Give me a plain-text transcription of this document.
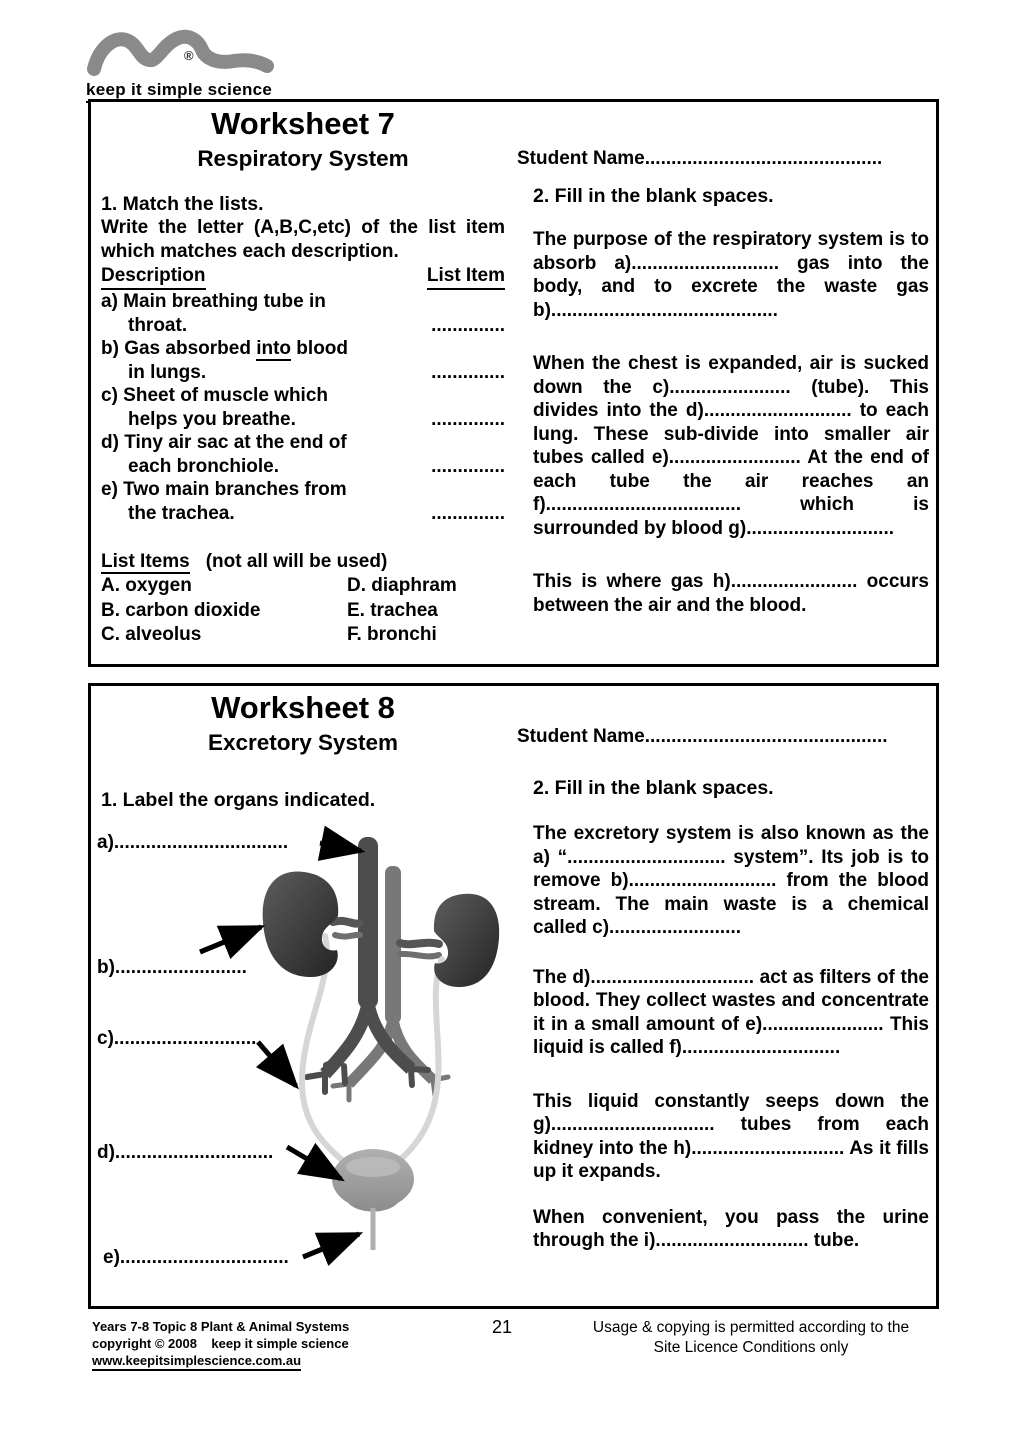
®
keep it simple science
Worksheet 7
Respiratory System
1. Match the lists.
Write the letter (A,B,C,etc) of the list item which matches each description.
Description	List Item
a) Main breathing tube in
throat.	..............
b) Gas absorbed into blood
in lungs.	..............
c) Sheet of muscle which
helps you breathe.	..............
d) Tiny air sac at the end of
each bronchiole.	..............
e) Two main branches from
the trachea.	..............
List Items (not all will be used)
A. oxygen
B. carbon dioxide
C. alveolus
D. diaphram
E. trachea
F. bronchi
Student Name.............................................
2. Fill in the blank spaces.
The purpose of the respiratory system is to absorb a)............................ gas into the body, and to excrete the waste gas b)...........................................
When the chest is expanded, air is sucked down the c)....................... (tube). This divides into the d)............................ to each lung. These sub-divide into smaller air tubes called e)......................... At the end of each tube the air reaches an f)..................................... which is surrounded by blood g)............................
This is where gas h)........................ occurs between the air and the blood.
Worksheet 8
Excretory System
1. Label the organs indicated.
Student Name..............................................
2. Fill in the blank spaces.
The excretory system is also known as the a) “.............................. system”. Its job is to remove b)............................ from the blood stream. The main waste is a chemical called c).........................
The d)............................... act as filters of the blood. They collect wastes and concentrate it in a small amount of e)....................... This liquid is called f)..............................
This liquid constantly seeps down the g)............................... tubes from each kidney into the h)............................. As it fills up it expands.
When convenient, you pass the urine through the i)............................. tube.
a).................................
b).........................
c)...........................
d)..............................
e)................................
Years 7-8 Topic 8 Plant & Animal Systems
copyright © 2008    keep it simple science
www.keepitsimplescience.com.au
21	Usage & copying is permitted according to the
Site Licence Conditions only
